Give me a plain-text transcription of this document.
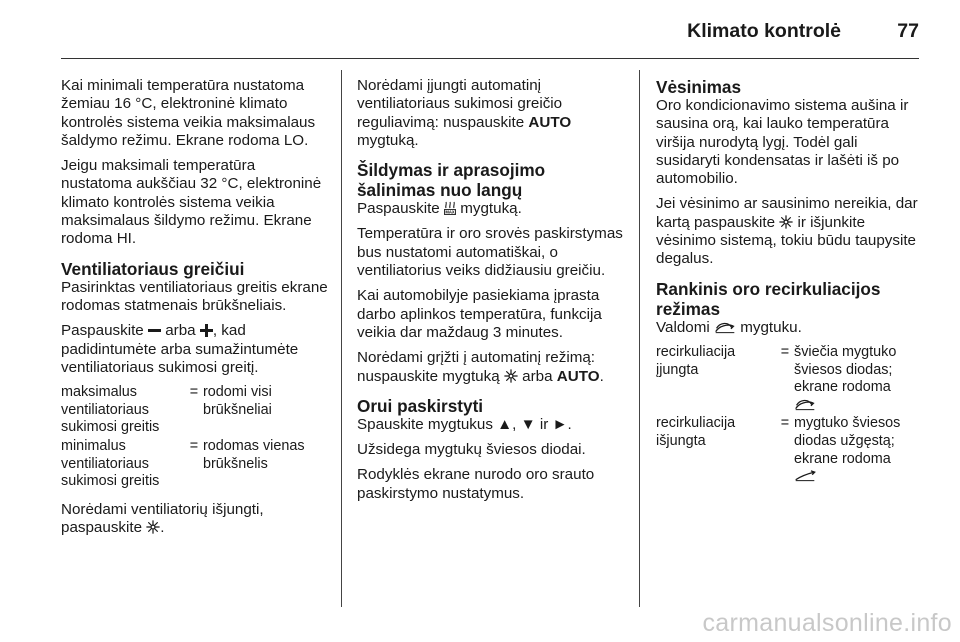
Klimato kontrolė	77

Kai minimali temperatūra nustatoma žemiau 16 °C, elektroninė klimato kontrolės sistema veikia maksimalaus šaldymo režimu. Ekrane rodoma LO.

Jeigu maksimali temperatūra nustatoma aukščiau 32 °C, elektroninė klimato kontrolės sistema veikia maksimalaus šildymo režimu. Ekrane rodoma HI.

Ventiliatoriaus greičiui

Pasirinktas ventiliatoriaus greitis ekrane rodomas statmenais brūkšneliais.

Paspauskite arba , kad padidintumėte arba sumažintumėte ventiliatoriaus sukimosi greitį.

maksimalus ventiliatoriaus sukimosi greitis
= rodomi visi brūkšneliai
minimalus ventiliatoriaus sukimosi greitis
= rodomas vienas brūkšnelis

Norėdami ventiliatorių išjungti, paspauskite .

Norėdami įjungti automatinį ventiliatoriaus sukimosi greičio reguliavimą: nuspauskite AUTO mygtuką.

Šildymas ir aprasojimo šalinimas nuo langų

Paspauskite MAX mygtuką.

Temperatūra ir oro srovės paskirstymas bus nustatomi automatiškai, o ventiliatorius veiks didžiausiu greičiu.

Kai automobilyje pasiekiama įprasta darbo aplinkos temperatūra, funkcija veikia dar maždaug 3 minutes.

Norėdami grįžti į automatinį režimą: nuspauskite mygtuką arba AUTO.

Orui paskirstyti

Spauskite mygtukus ▲, ▼ ir ►.

Užsidega mygtukų šviesos diodai.

Rodyklės ekrane nurodo oro srauto paskirstymo nustatymus.

Vėsinimas

Oro kondicionavimo sistema aušina ir sausina orą, kai lauko temperatūra viršija nurodytą lygį. Todėl gali susidaryti kondensatas ir lašėti iš po automobilio.

Jei vėsinimo ar sausinimo nereikia, dar kartą paspauskite ir išjunkite vėsinimo sistemą, tokiu būdu taupysite degalus.

Rankinis oro recirkuliacijos režimas

Valdomi mygtuku.

recirkuliacija įjungta
= šviečia mygtuko šviesos diodas; ekrane rodoma

recirkuliacija išjungta
= mygtuko šviesos diodas užgęstą; ekrane rodoma

carmanualsonline.info
